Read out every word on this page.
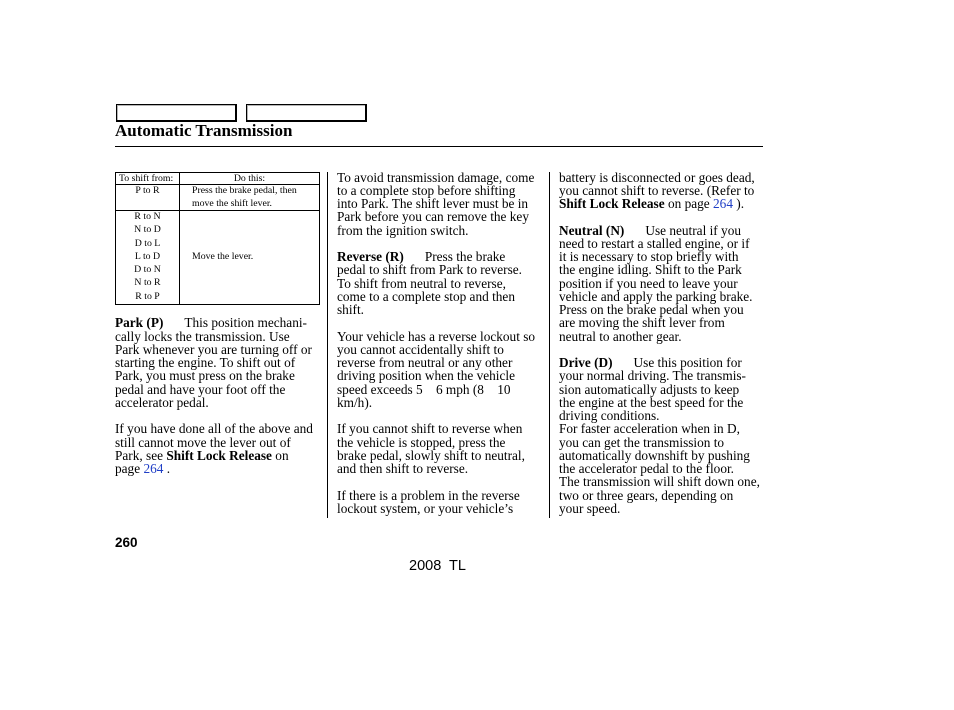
Automatic Transmission
To shift from:	Do this:
P to R	Press the brake pedal, then
move the shift lever.
R to N
N to D
D to L
L to D
D to N
N to R
R to P
Move the lever.
Park (P) This position mechani-
cally locks the transmission. Use
Park whenever you are turning off or
starting the engine. To shift out of
Park, you must press on the brake
pedal and have your foot off the
accelerator pedal.
If you have done all of the above and
still cannot move the lever out of
Park, see Shift Lock Release on
page 264 .
To avoid transmission damage, come
to a complete stop before shifting
into Park. The shift lever must be in
Park before you can remove the key
from the ignition switch.
Reverse (R) Press the brake
pedal to shift from Park to reverse.
To shift from neutral to reverse,
come to a complete stop and then
shift.
Your vehicle has a reverse lockout so
you cannot accidentally shift to
reverse from neutral or any other
driving position when the vehicle
speed exceeds 5    6 mph (8    10
km/h).
If you cannot shift to reverse when
the vehicle is stopped, press the
brake pedal, slowly shift to neutral,
and then shift to reverse.
If there is a problem in the reverse
lockout system, or your vehicle’s
battery is disconnected or goes dead,
you cannot shift to reverse. (Refer to
Shift Lock Release on page 264 ).
Neutral (N) Use neutral if you
need to restart a stalled engine, or if
it is necessary to stop briefly with
the engine idling. Shift to the Park
position if you need to leave your
vehicle and apply the parking brake.
Press on the brake pedal when you
are moving the shift lever from
neutral to another gear.
Drive (D) Use this position for
your normal driving. The transmis-
sion automatically adjusts to keep
the engine at the best speed for the
driving conditions.
For faster acceleration when in D,
you can get the transmission to
automatically downshift by pushing
the accelerator pedal to the floor.
The transmission will shift down one,
two or three gears, depending on
your speed.
260
2008  TL
